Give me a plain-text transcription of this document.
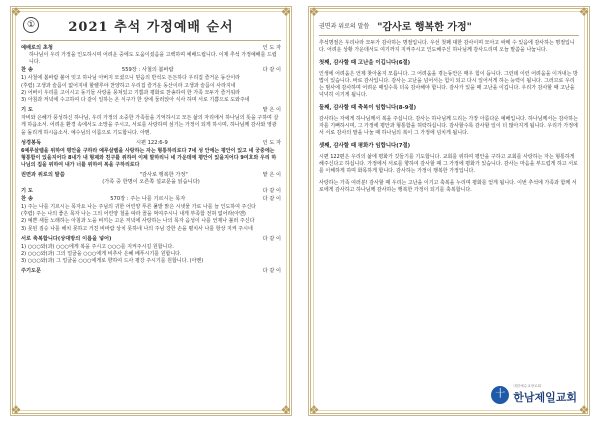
❖	❖
❖	❖
①	2021 추석 가정예배 순서
예배로의 초청	인 도 자
하나님이 우리 가정을 인도하시며 어려운 중에도 도움이셨음을 고백하며 예배드립니다. 이제 추석 가정예배를 드립니다.
찬 송	559장 : 사철의 봄바람	다 같 이
1) 사철에 봄바람 불어 잇고 하나님 아버지 모셨으니 믿음의 반석도 든든하다 우리집 즐거운 동산이라
(후렴) 고생과 슬픔이 없어지네 할렐루야 찬양하고 우리집 즐거운 동산이라 고생과 슬픔이 사라지네
2) 어버이 우리를 고이시고 동기들 사랑을 뭉쳐있고 기쁨과 평화로 찬송하여 한 가족 모두가 즐거워라
3) 아침과 저녁에 수고하여 다 같이 일하는 온 식구가 한 상에 둘러앉아 식사 하며 서로 기쁨으로 도와주네
기 도	맡 은 이
자비와 은혜가 풍성하신 하나님, 우리 가정의 소중한 가족들을 기억하시고 모든 삶의 자리에서 하나님의 뜻을 구하며 살게 하옵소서. 어려운 환경 속에서도 소망을 주시고, 서로를 사랑하며 섬기는 가정이 되게 하시며, 하나님께 감사와 영광을 돌리게 하시옵소서. 예수님의 이름으로 기도합니다. 아멘.
성경봉독	시편 122:6-9	인 도 자
6예루살렘을 위하여 평안을 구하라 예루살렘을 사랑하는 자는 형통하리로다 7네 성 안에는 평안이 있고 네 궁중에는 형통함이 있을지어다 8내가 내 형제와 친구를 위하여 이제 말하리니 네 가운데에 평안이 있을지어다 9여호와 우리 하나님의 집을 위하여 내가 너를 위하여 복을 구하리로다
권면과 위로의 말씀	"감사로 행복한 가정"	맡 은 이
(가족 중 한명이 오른쪽 설교문을 읽습니다)
기 도	다 같 이
찬 송	570장 : 주는 나를 기르시는 목자	다 같 이
1) 주는 나를 기르시는 목자요 나는 주님의 귀한 어린양 푸른 풀밭 맑은 시냇물 가로 나를 늘 인도하여 주신다
(후렴) 주는 나의 좋은 목자 나는 그의 어린양 철을 따라 꼴을 먹여주시니 내게 부족함 전혀 없어라(아멘)
2) 예쁜 새들 노래하는 아침과 노을 비끼는 고운 저녁에 사랑하는 나의 목자 음성이 나를 언제나 불러 주신다
3) 못된 짐승 나를 해치 못하고 거친 비바람 상치 못하네 나의 주님 강한 손을 펼치사 나를 항상 지켜 주시네
서로 축복합니다(상대방의 이름을 넣어)	다 같 이
1) ○○○와(과) ○○○에게 복을 주시고 ○○○를 지켜주시길 원합니다.
2) ○○○와(과) 그의 얼굴을 ○○○에게 비추사 은혜 베푸시기를 원합니다.
3) ○○○와(과) 그 얼굴을 ○○○에게로 향하여 드사 평강 주시기를 원합니다. (아멘)
주기도문	다 같 이
❖	❖
❖	❖
권면과 위로의 말씀 "감사로 행복한 가정"
추석명절은 우리나라 모두가 감사하는 명절입니다. 우선 첫째 대한 감사이며 모아고 싸메 수 있음에 감사하는 명절입니다. 어려운 상황 가운데서도 여기까지 지켜주시고 인도해주신 하나님께 감사드리며 오늘 말씀을 나눕니다.
첫째, 감사할 때 고난을 이깁니다(6절)
인생에 어려움은 언제 찾아올지 모릅니다. 그 어려움을 겪는동안은 매우 힘이 듭니다. 그런데 이런 어려움을 이겨내는 방법이 있습니다. 바로 감사입니다. 감사는 고난을 넘어서는 힘이 되고 다시 일어서게 하는 능력이 됩니다. 그러므로 우리는 범사에 감사하며 어려운 때일수록 더욱 감사해야 합니다. 감사가 있을 때 고난을 이깁니다. 우리가 감사할 때 고난을 넉넉히 이기게 됩니다.
둘째, 감사할 때 축복이 임합니다(8-9절)
감사하는 자에게 하나님께서 복을 주십니다. 감사는 하나님께 드리는 가장 아름다운 예배입니다. 하나님께서는 감사하는 자를 기뻐하시며, 그 가정에 평안과 형통함을 허락하십니다. 감사할수록 감사할 일이 더 많아지게 됩니다. 우리가 가정에서 서로 감사의 말을 나눌 때 하나님의 복이 그 가정에 넘치게 됩니다.
셋째, 감사할 때 평화가 임합니다(7절)
시편 122편은 우리의 삶에 평화가 깃들기를 기도합니다. 교회를 위하여 평안을 구하고 교회를 사랑하는 자는 형통하게 해주신다고 하십니다. 가정에서 서로를 향하여 감사할 때 그 가정에 평화가 있습니다. 감사는 마음을 부드럽게 하고 서로를 이해하게 하며 화목하게 합니다. 감사하는 가정이 행복한 가정입니다.
사랑하는 가족 여러분! 감사할 때 우리는 고난을 이기고 축복을 누리며 평화를 얻게 됩니다. 이번 추석에 가족과 함께 서로에게 감사하고 하나님께 감사하는 행복한 가정이 되기를 축복합니다.
十
대한예수교장로회
한남제일교회
